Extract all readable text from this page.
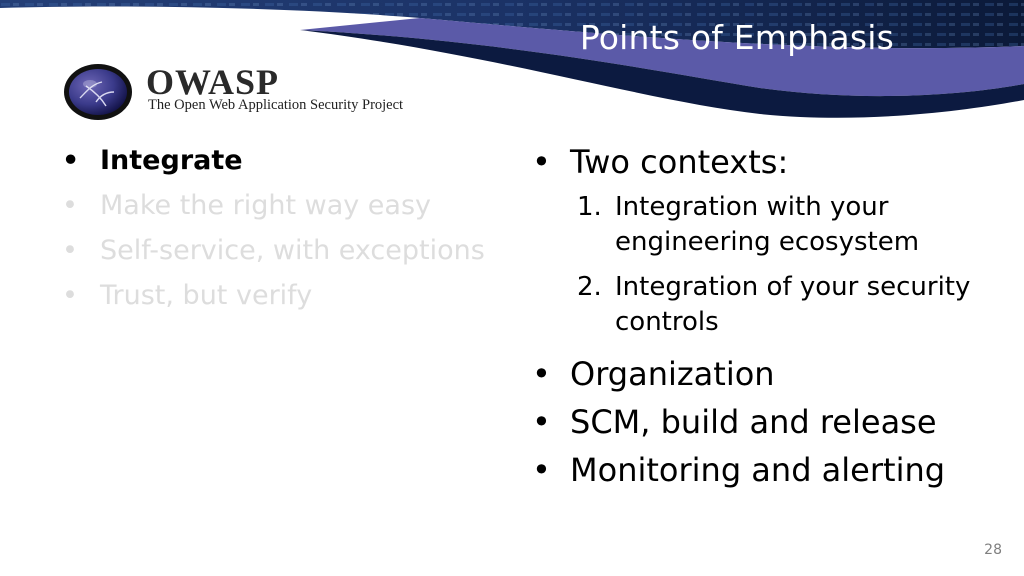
Points of Emphasis
OWASP
The Open Web Application Security Project
• Integrate
• Make the right way easy
• Self-service, with exceptions
• Trust, but verify
• Two contexts:
1. Integration with your engineering ecosystem
2. Integration of your security controls
• Organization
• SCM, build and release
• Monitoring and alerting
28
